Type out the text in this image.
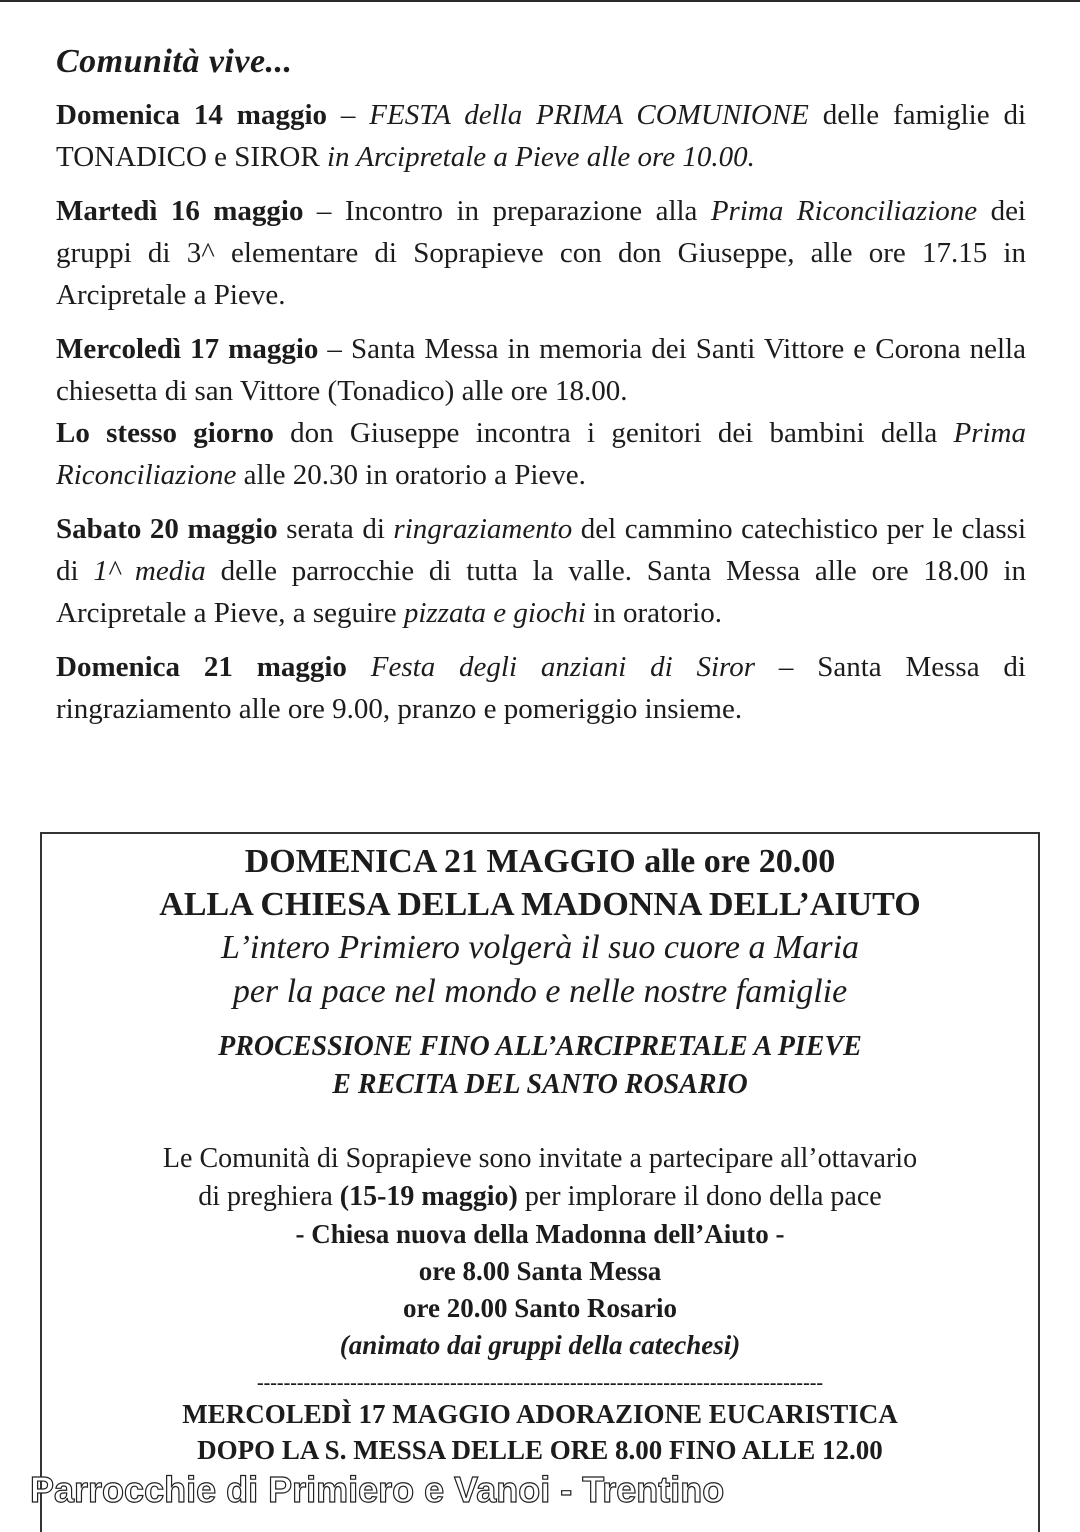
Comunità vive...

Domenica 14 maggio – FESTA della PRIMA COMUNIONE delle famiglie di TONADICO e SIROR in Arcipretale a Pieve alle ore 10.00.

Martedì 16 maggio – Incontro in preparazione alla Prima Riconciliazione dei gruppi di 3^ elementare di Soprapieve con don Giuseppe, alle ore 17.15 in Arcipretale a Pieve.

Mercoledì 17 maggio – Santa Messa in memoria dei Santi Vittore e Corona nella chiesetta di san Vittore (Tonadico) alle ore 18.00.

Lo stesso giorno don Giuseppe incontra i genitori dei bambini della Prima Riconciliazione alle 20.30 in oratorio a Pieve.

Sabato 20 maggio serata di ringraziamento del cammino catechistico per le classi di 1^ media delle parrocchie di tutta la valle. Santa Messa alle ore 18.00 in Arcipretale a Pieve, a seguire pizzata e giochi in oratorio.

Domenica 21 maggio Festa degli anziani di Siror – Santa Messa di ringraziamento alle ore 9.00, pranzo e pomeriggio insieme.

DOMENICA 21 MAGGIO alle ore 20.00
ALLA CHIESA DELLA MADONNA DELL’AIUTO
L’intero Primiero volgerà il suo cuore a Maria
per la pace nel mondo e nelle nostre famiglie
PROCESSIONE FINO ALL’ARCIPRETALE A PIEVE
E RECITA DEL SANTO ROSARIO
Le Comunità di Soprapieve sono invitate a partecipare all’ottavario
di preghiera (15-19 maggio) per implorare il dono della pace
- Chiesa nuova della Madonna dell’Aiuto -
ore 8.00 Santa Messa
ore 20.00 Santo Rosario
(animato dai gruppi della catechesi)
-------------------------------------------------------------------------------------
MERCOLEDÌ 17 MAGGIO ADORAZIONE EUCARISTICA
DOPO LA S. MESSA DELLE ORE 8.00 FINO ALLE 12.00
Parrocchie di Primiero e Vanoi - Trentino
